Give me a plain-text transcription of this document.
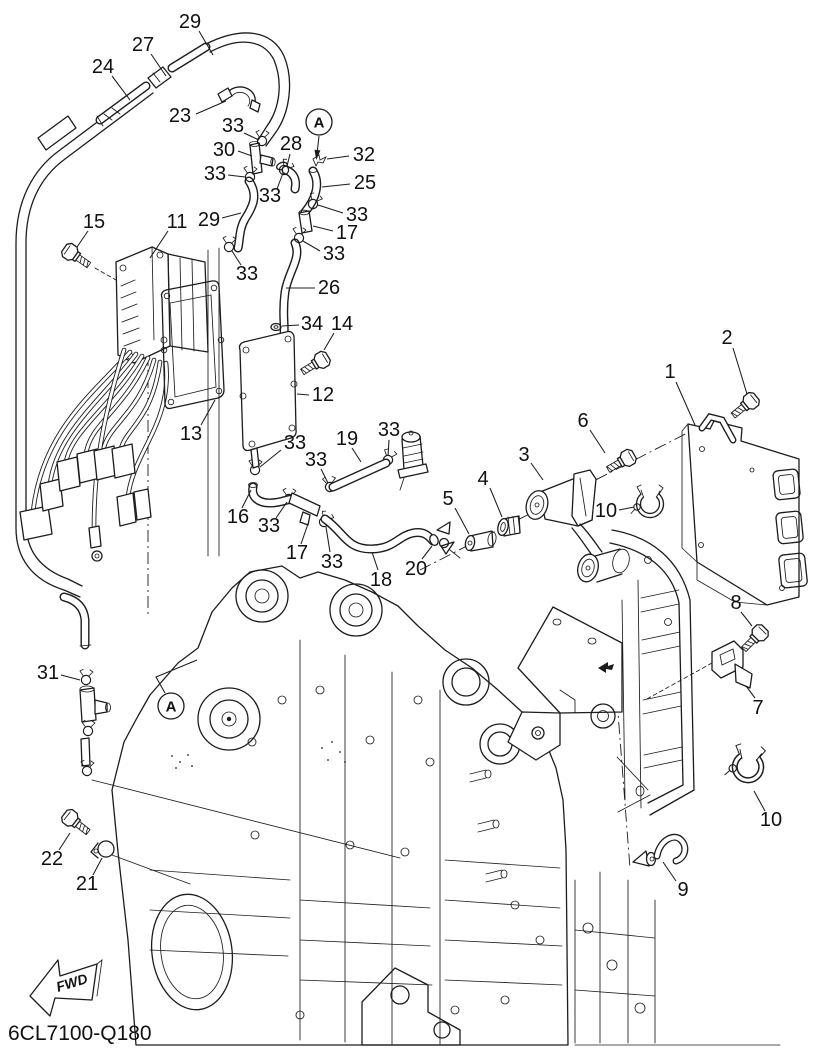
FWD
6CL7100-Q180
A
A
29
27
24
23 33
30 28	32
25
33
33
33
17
33
29
33
26
15	11
34 14
12
13	33 19 33
33
16 33
17 33
18 20
5
4
3
6
1
2
10
8
7
10
9
31
22
21
